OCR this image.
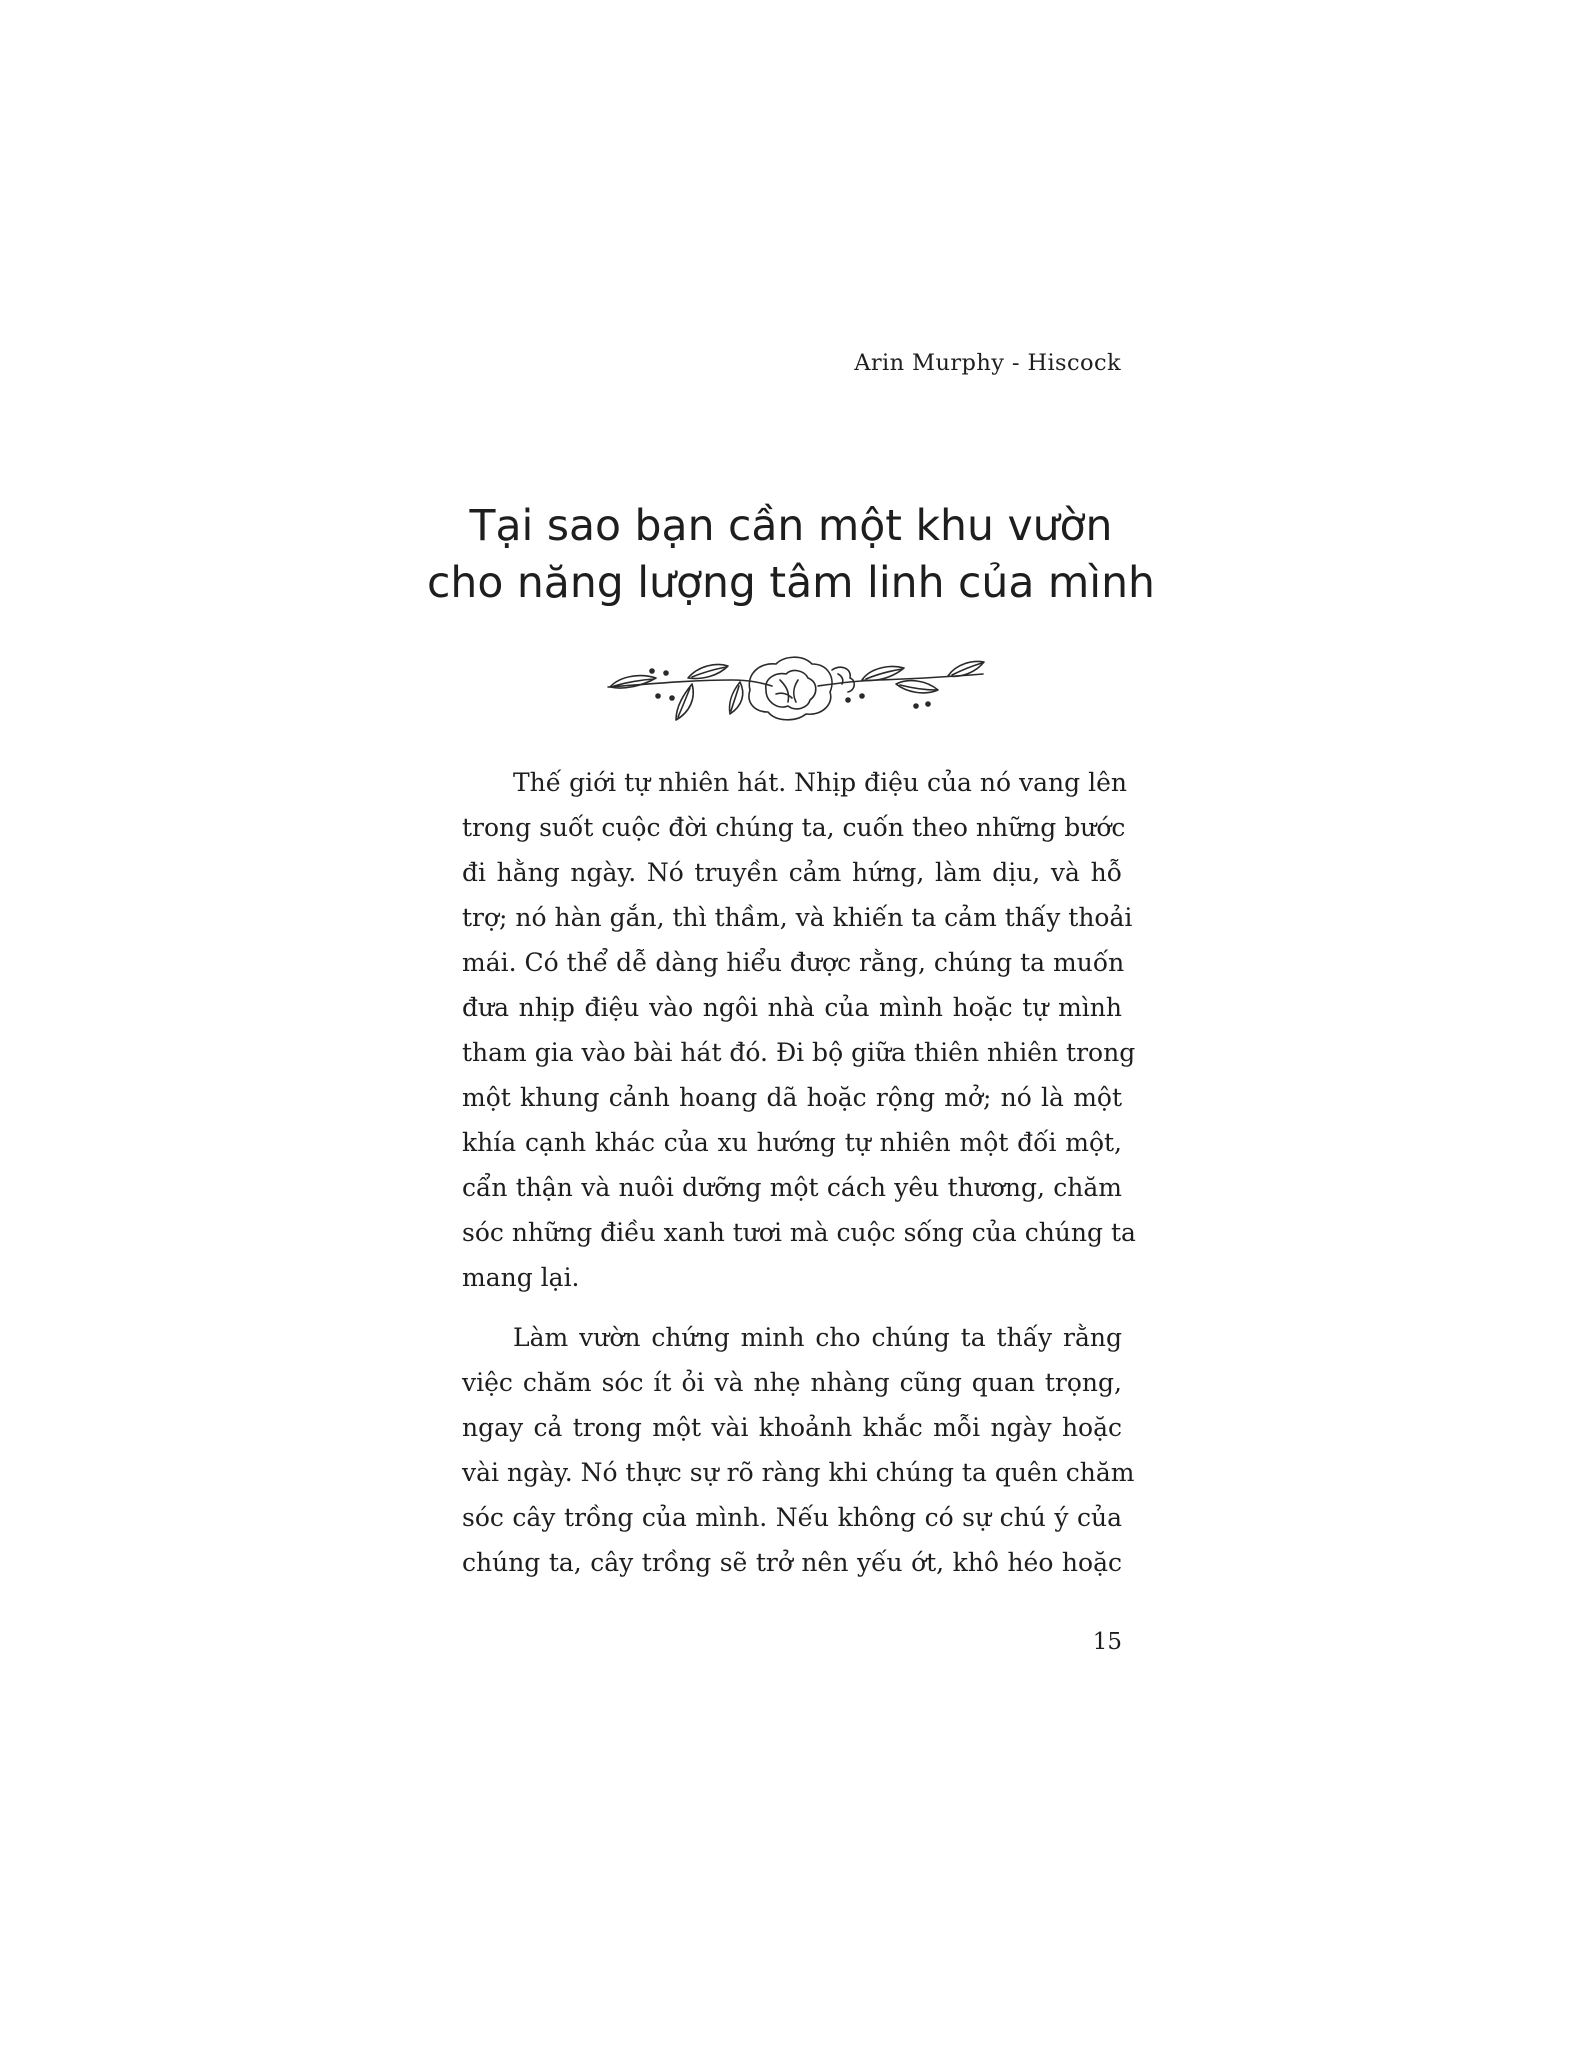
Arin Murphy - Hiscock
Tại sao bạn cần một khu vườn
cho năng lượng tâm linh của mình

Thế giới tự nhiên hát. Nhịp điệu của nó vang lên
trong suốt cuộc đời chúng ta, cuốn theo những bước
đi hằng ngày. Nó truyền cảm hứng, làm dịu, và hỗ
trợ; nó hàn gắn, thì thầm, và khiến ta cảm thấy thoải
mái. Có thể dễ dàng hiểu được rằng, chúng ta muốn
đưa nhịp điệu vào ngôi nhà của mình hoặc tự mình
tham gia vào bài hát đó. Đi bộ giữa thiên nhiên trong
một khung cảnh hoang dã hoặc rộng mở; nó là một
khía cạnh khác của xu hướng tự nhiên một đối một,
cẩn thận và nuôi dưỡng một cách yêu thương, chăm
sóc những điều xanh tươi mà cuộc sống của chúng ta
mang lại.

Làm vườn chứng minh cho chúng ta thấy rằng
việc chăm sóc ít ỏi và nhẹ nhàng cũng quan trọng,
ngay cả trong một vài khoảnh khắc mỗi ngày hoặc
vài ngày. Nó thực sự rõ ràng khi chúng ta quên chăm
sóc cây trồng của mình. Nếu không có sự chú ý của
chúng ta, cây trồng sẽ trở nên yếu ớt, khô héo hoặc

15
